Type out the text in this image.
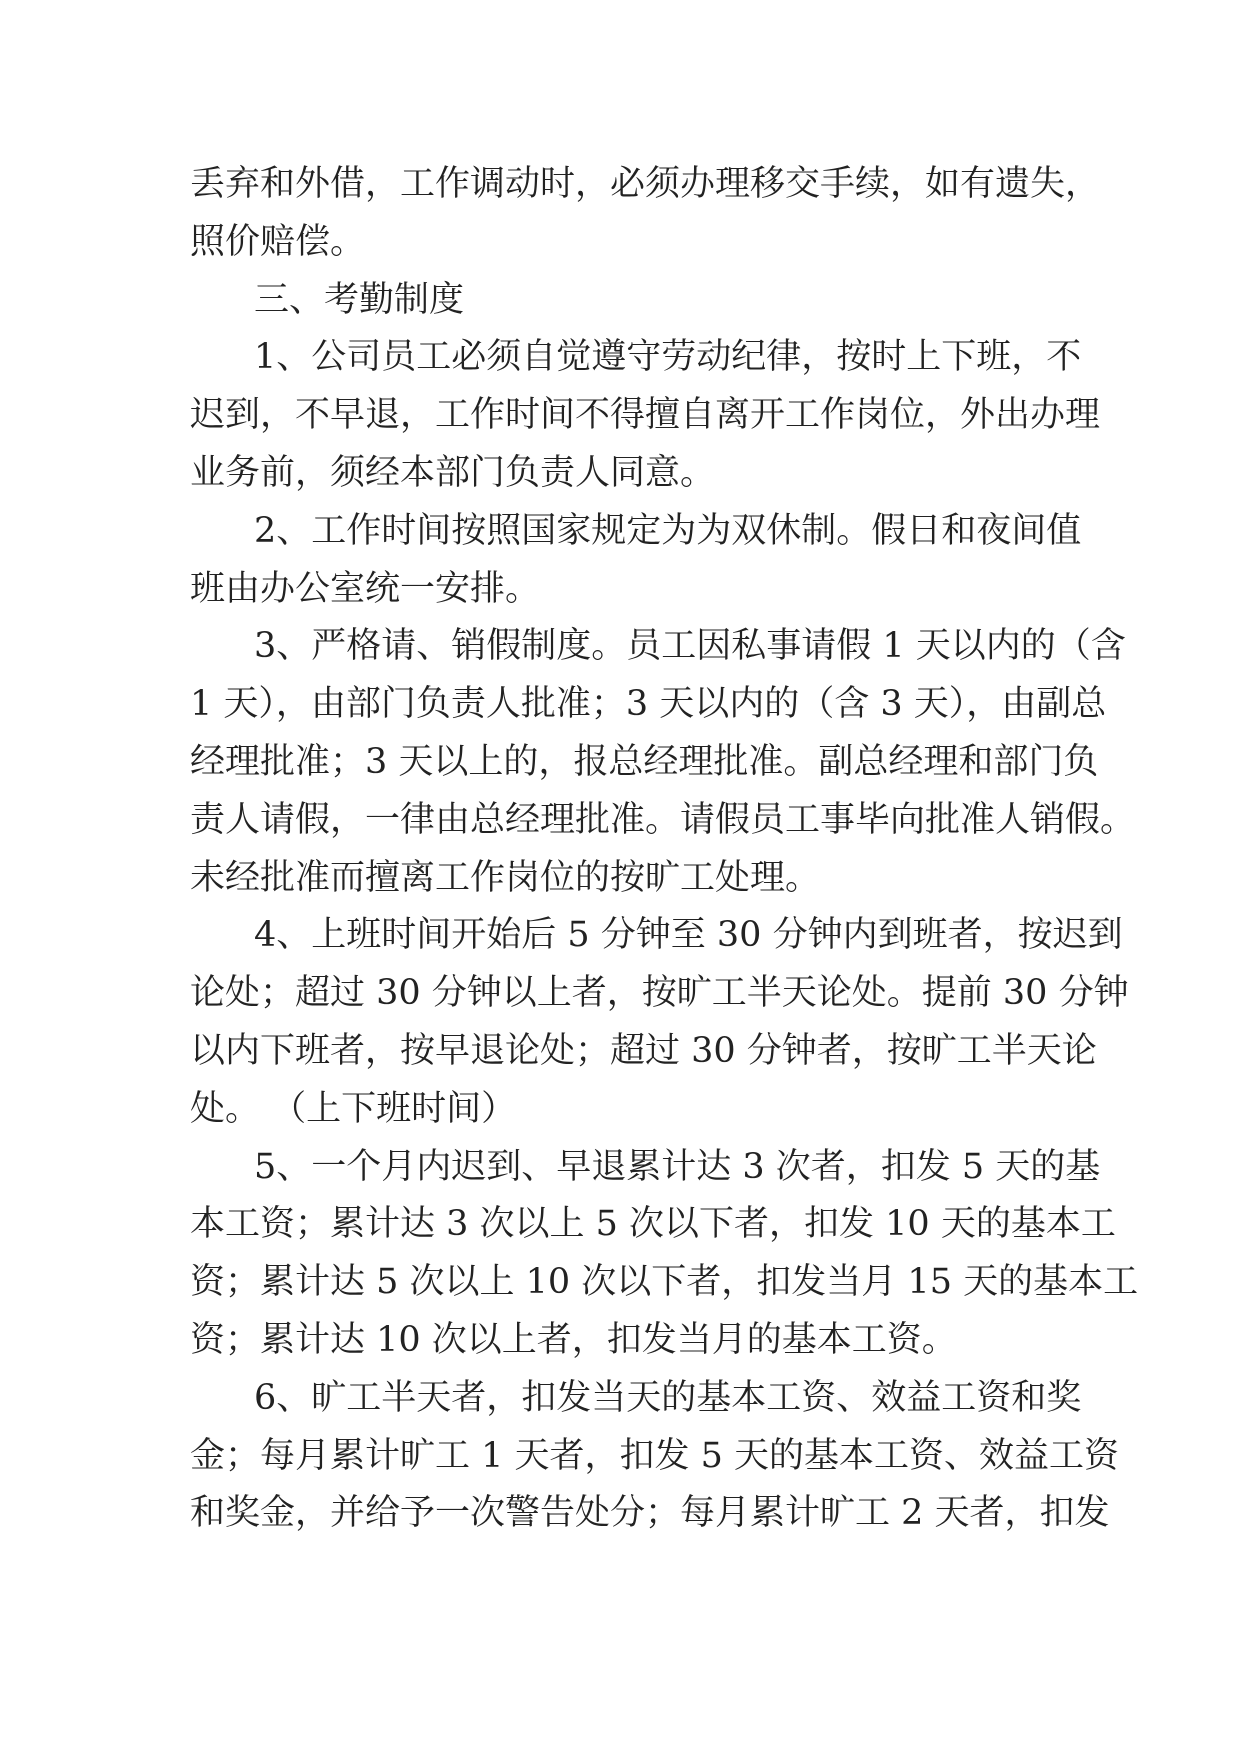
丢弃和外借，工作调动时，必须办理移交手续，如有遗失，
照价赔偿。
三、考勤制度
1、公司员工必须自觉遵守劳动纪律，按时上下班，不
迟到，不早退，工作时间不得擅自离开工作岗位，外出办理
业务前，须经本部门负责人同意。
2、工作时间按照国家规定为为双休制。假日和夜间值
班由办公室统一安排。
3、严格请、销假制度。员工因私事请假 1 天以内的（含
1 天），由部门负责人批准；3 天以内的（含 3 天），由副总
经理批准；3 天以上的，报总经理批准。副总经理和部门负
责人请假，一律由总经理批准。请假员工事毕向批准人销假。
未经批准而擅离工作岗位的按旷工处理。
4、上班时间开始后 5 分钟至 30 分钟内到班者，按迟到
论处；超过 30 分钟以上者，按旷工半天论处。提前 30 分钟
以内下班者，按早退论处；超过 30 分钟者，按旷工半天论
处。 （上下班时间）
5、一个月内迟到、早退累计达 3 次者，扣发 5 天的基
本工资；累计达 3 次以上 5 次以下者，扣发 10 天的基本工
资；累计达 5 次以上 10 次以下者，扣发当月 15 天的基本工
资；累计达 10 次以上者，扣发当月的基本工资。
6、旷工半天者，扣发当天的基本工资、效益工资和奖
金；每月累计旷工 1 天者，扣发 5 天的基本工资、效益工资
和奖金，并给予一次警告处分；每月累计旷工 2 天者，扣发
